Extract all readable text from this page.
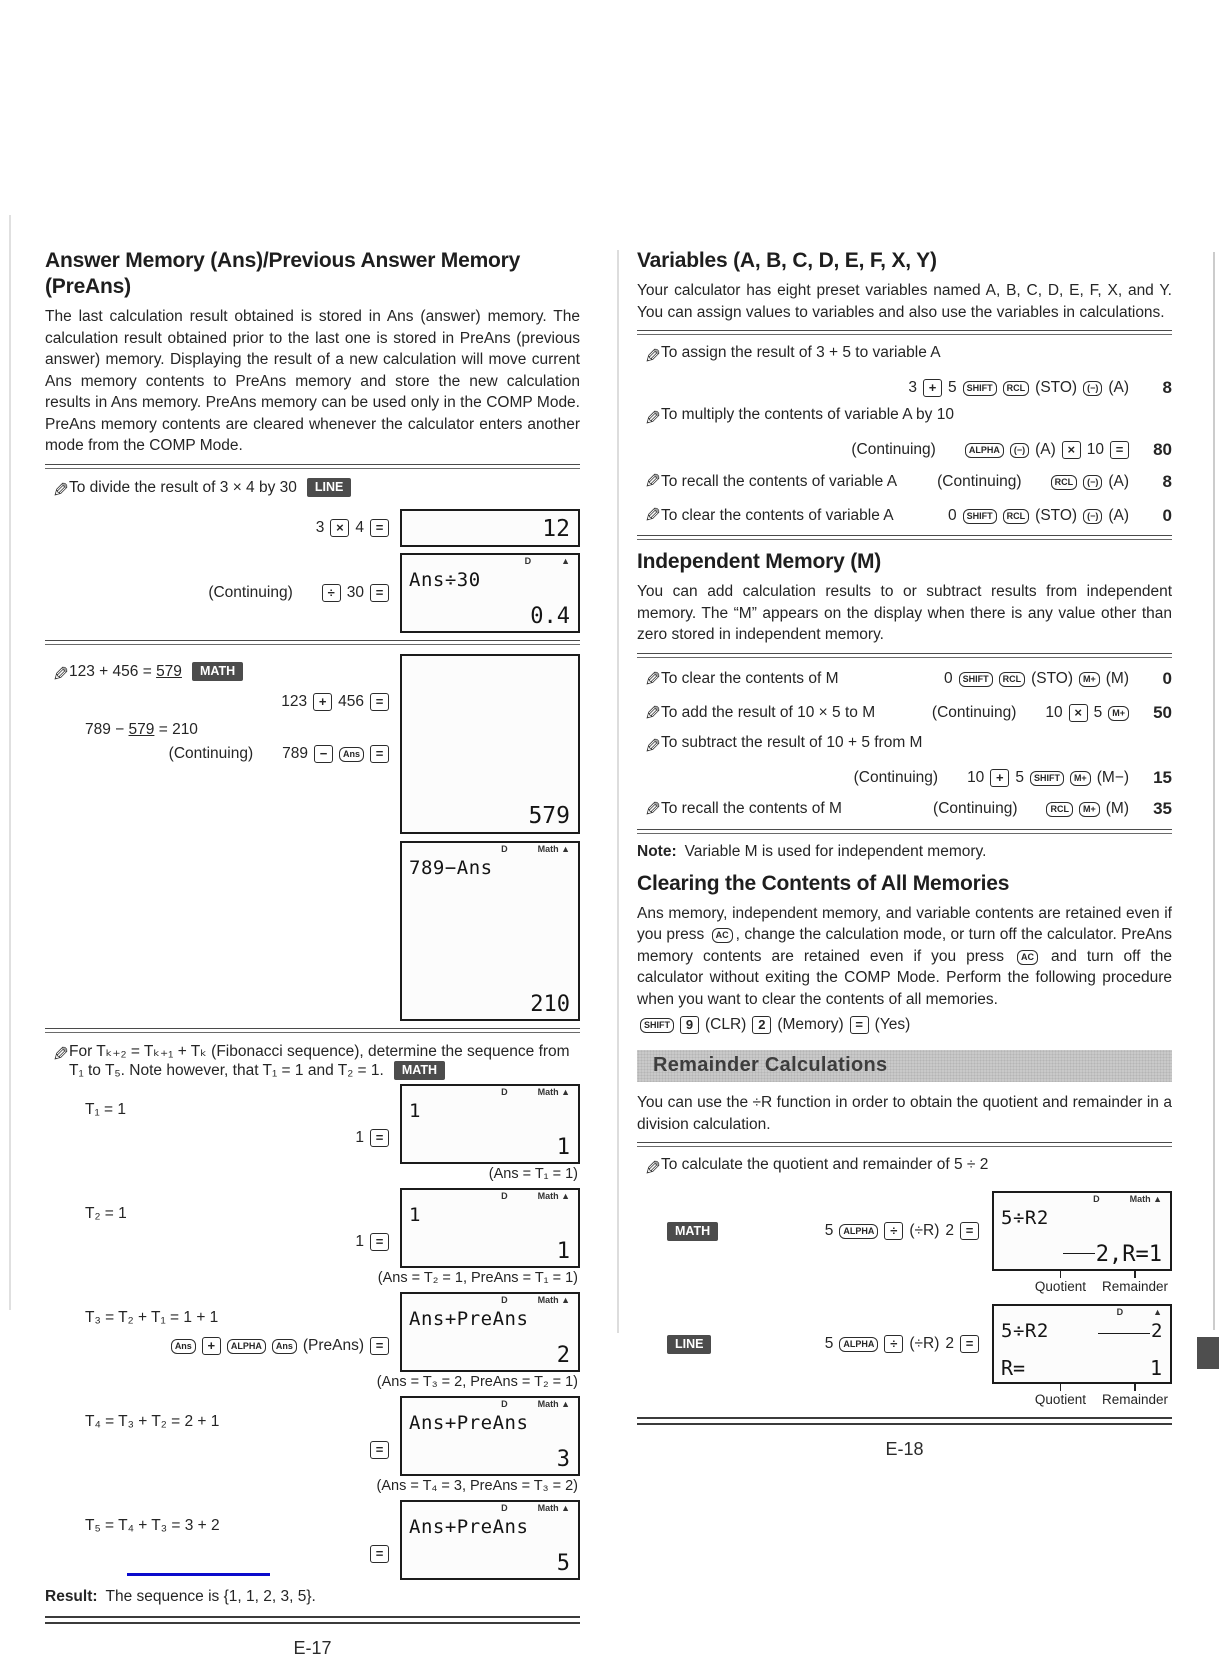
Answer Memory (Ans)/Previous Answer Memory (PreAns)

The last calculation result obtained is stored in Ans (answer) memory. The calculation result obtained prior to the last one is stored in PreAns (previous answer) memory. Displaying the result of a new calculation will move current Ans memory contents to PreAns memory and store the new calculation results in Ans memory. PreAns memory can be used only in the COMP Mode. PreAns memory contents are cleared whenever the calculator enters another mode from the COMP Mode.

✎ To divide the result of 3 × 4 by 30 LINE
3 × 4 =	12
(Continuing)	÷ 30 =
D	▲
Ans÷30
0.4
✎ 123 + 456 = 579 MATH
123 + 456 =
789 − 579 = 210
(Continuing) 789 − Ans =
579
D	Math ▲
789−Ans
210
✎ For Tₖ₊₂ = Tₖ₊₁ + Tₖ (Fibonacci sequence), determine the sequence from T₁ to T₅. Note however, that T₁ = 1 and T₂ = 1. MATH
T₁ = 1
1 =
D	Math ▲
1
1
(Ans = T₁ = 1)
T₂ = 1
1 =
D	Math ▲
1
1
(Ans = T₂ = 1, PreAns = T₁ = 1)
T₃ = T₂ + T₁ = 1 + 1
Ans + ALPHA Ans (PreAns) =
D	Math ▲
Ans+PreAns
2
(Ans = T₃ = 2, PreAns = T₂ = 1)
T₄ = T₃ + T₂ = 2 + 1
=
D	Math ▲
Ans+PreAns
3
(Ans = T₄ = 3, PreAns = T₃ = 2)
T₅ = T₄ + T₃ = 3 + 2
=
D	Math ▲
Ans+PreAns
5
Result: The sequence is {1, 1, 2, 3, 5}.
E-17
Variables (A, B, C, D, E, F, X, Y)

Your calculator has eight preset variables named A, B, C, D, E, F, X, and Y. You can assign values to variables and also use the variables in calculations.

✎ To assign the result of 3 + 5 to variable A
3 + 5 SHIFT RCL (STO) (−) (A)	8
✎ To multiply the contents of variable A by 10
(Continuing)	ALPHA (−) (A) × 10 =	80
✎ To recall the contents of variable A	(Continuing)	RCL (−) (A)	8
✎ To clear the contents of variable A	0 SHIFT RCL (STO) (−) (A)	0
Independent Memory (M)

You can add calculation results to or subtract results from independent memory. The “M” appears on the display when there is any value other than zero stored in independent memory.

✎ To clear the contents of M	0 SHIFT RCL (STO) M+ (M)	0
✎ To add the result of 10 × 5 to M	(Continuing) 10 × 5 M+	50
✎ To subtract the result of 10 + 5 from M
(Continuing) 10 + 5 SHIFT M+ (M−)	15
✎ To recall the contents of M	(Continuing)	RCL M+ (M)	35
Note: Variable M is used for independent memory.
Clearing the Contents of All Memories

Ans memory, independent memory, and variable contents are retained even if you press AC , change the calculation mode, or turn off the calculator. PreAns memory contents are retained even if you press AC and turn off the calculator without exiting the COMP Mode. Perform the following procedure when you want to clear the contents of all memories.

SHIFT 9 (CLR) 2 (Memory) = (Yes)
Remainder Calculations

You can use the ÷R function in order to obtain the quotient and remainder in a division calculation.

✎ To calculate the quotient and remainder of 5 ÷ 2
MATH	5 ALPHA ÷ (÷R) 2 =
D	Math ▲
5÷R2
2,R=1
Quotient Remainder
LINE	5 ALPHA ÷ (÷R) 2 =
D	▲
5÷R2	2
R=	1
Quotient Remainder
E-18
